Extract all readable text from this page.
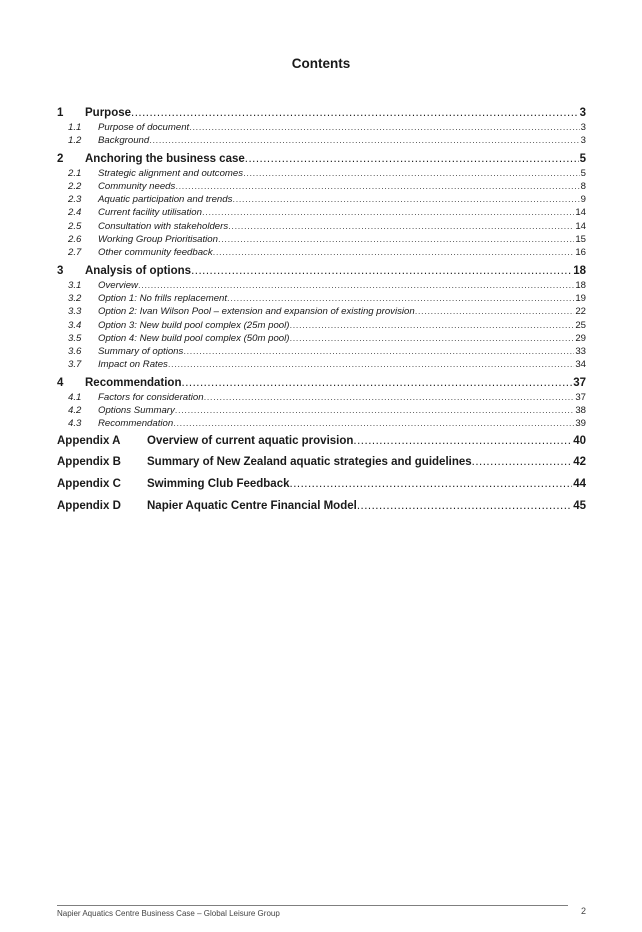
Contents
1	Purpose .....	3
1.1	Purpose of document .....	3
1.2	Background .....	3
2	Anchoring the business case .....	5
2.1	Strategic alignment and outcomes .....	5
2.2	Community needs .....	8
2.3	Aquatic participation and trends .....	9
2.4	Current facility utilisation .....	14
2.5	Consultation with stakeholders .....	14
2.6	Working Group Prioritisation .....	15
2.7	Other community feedback .....	16
3	Analysis of options .....	18
3.1	Overview .....	18
3.2	Option 1: No frills replacement .....	19
3.3	Option 2: Ivan Wilson Pool – extension and expansion of existing provision .....	22
3.4	Option 3: New build pool complex (25m pool) .....	25
3.5	Option 4: New build pool complex (50m pool) .....	29
3.6	Summary of options .....	33
3.7	Impact on Rates .....	34
4	Recommendation .....	37
4.1	Factors for consideration .....	37
4.2	Options Summary .....	38
4.3	Recommendation .....	39
Appendix A	Overview of current aquatic provision .....	40
Appendix B	Summary of New Zealand aquatic strategies and guidelines .....	42
Appendix C	Swimming Club Feedback .....	44
Appendix D	Napier Aquatic Centre Financial Model .....	45
Napier Aquatics Centre Business Case – Global Leisure Group	2
